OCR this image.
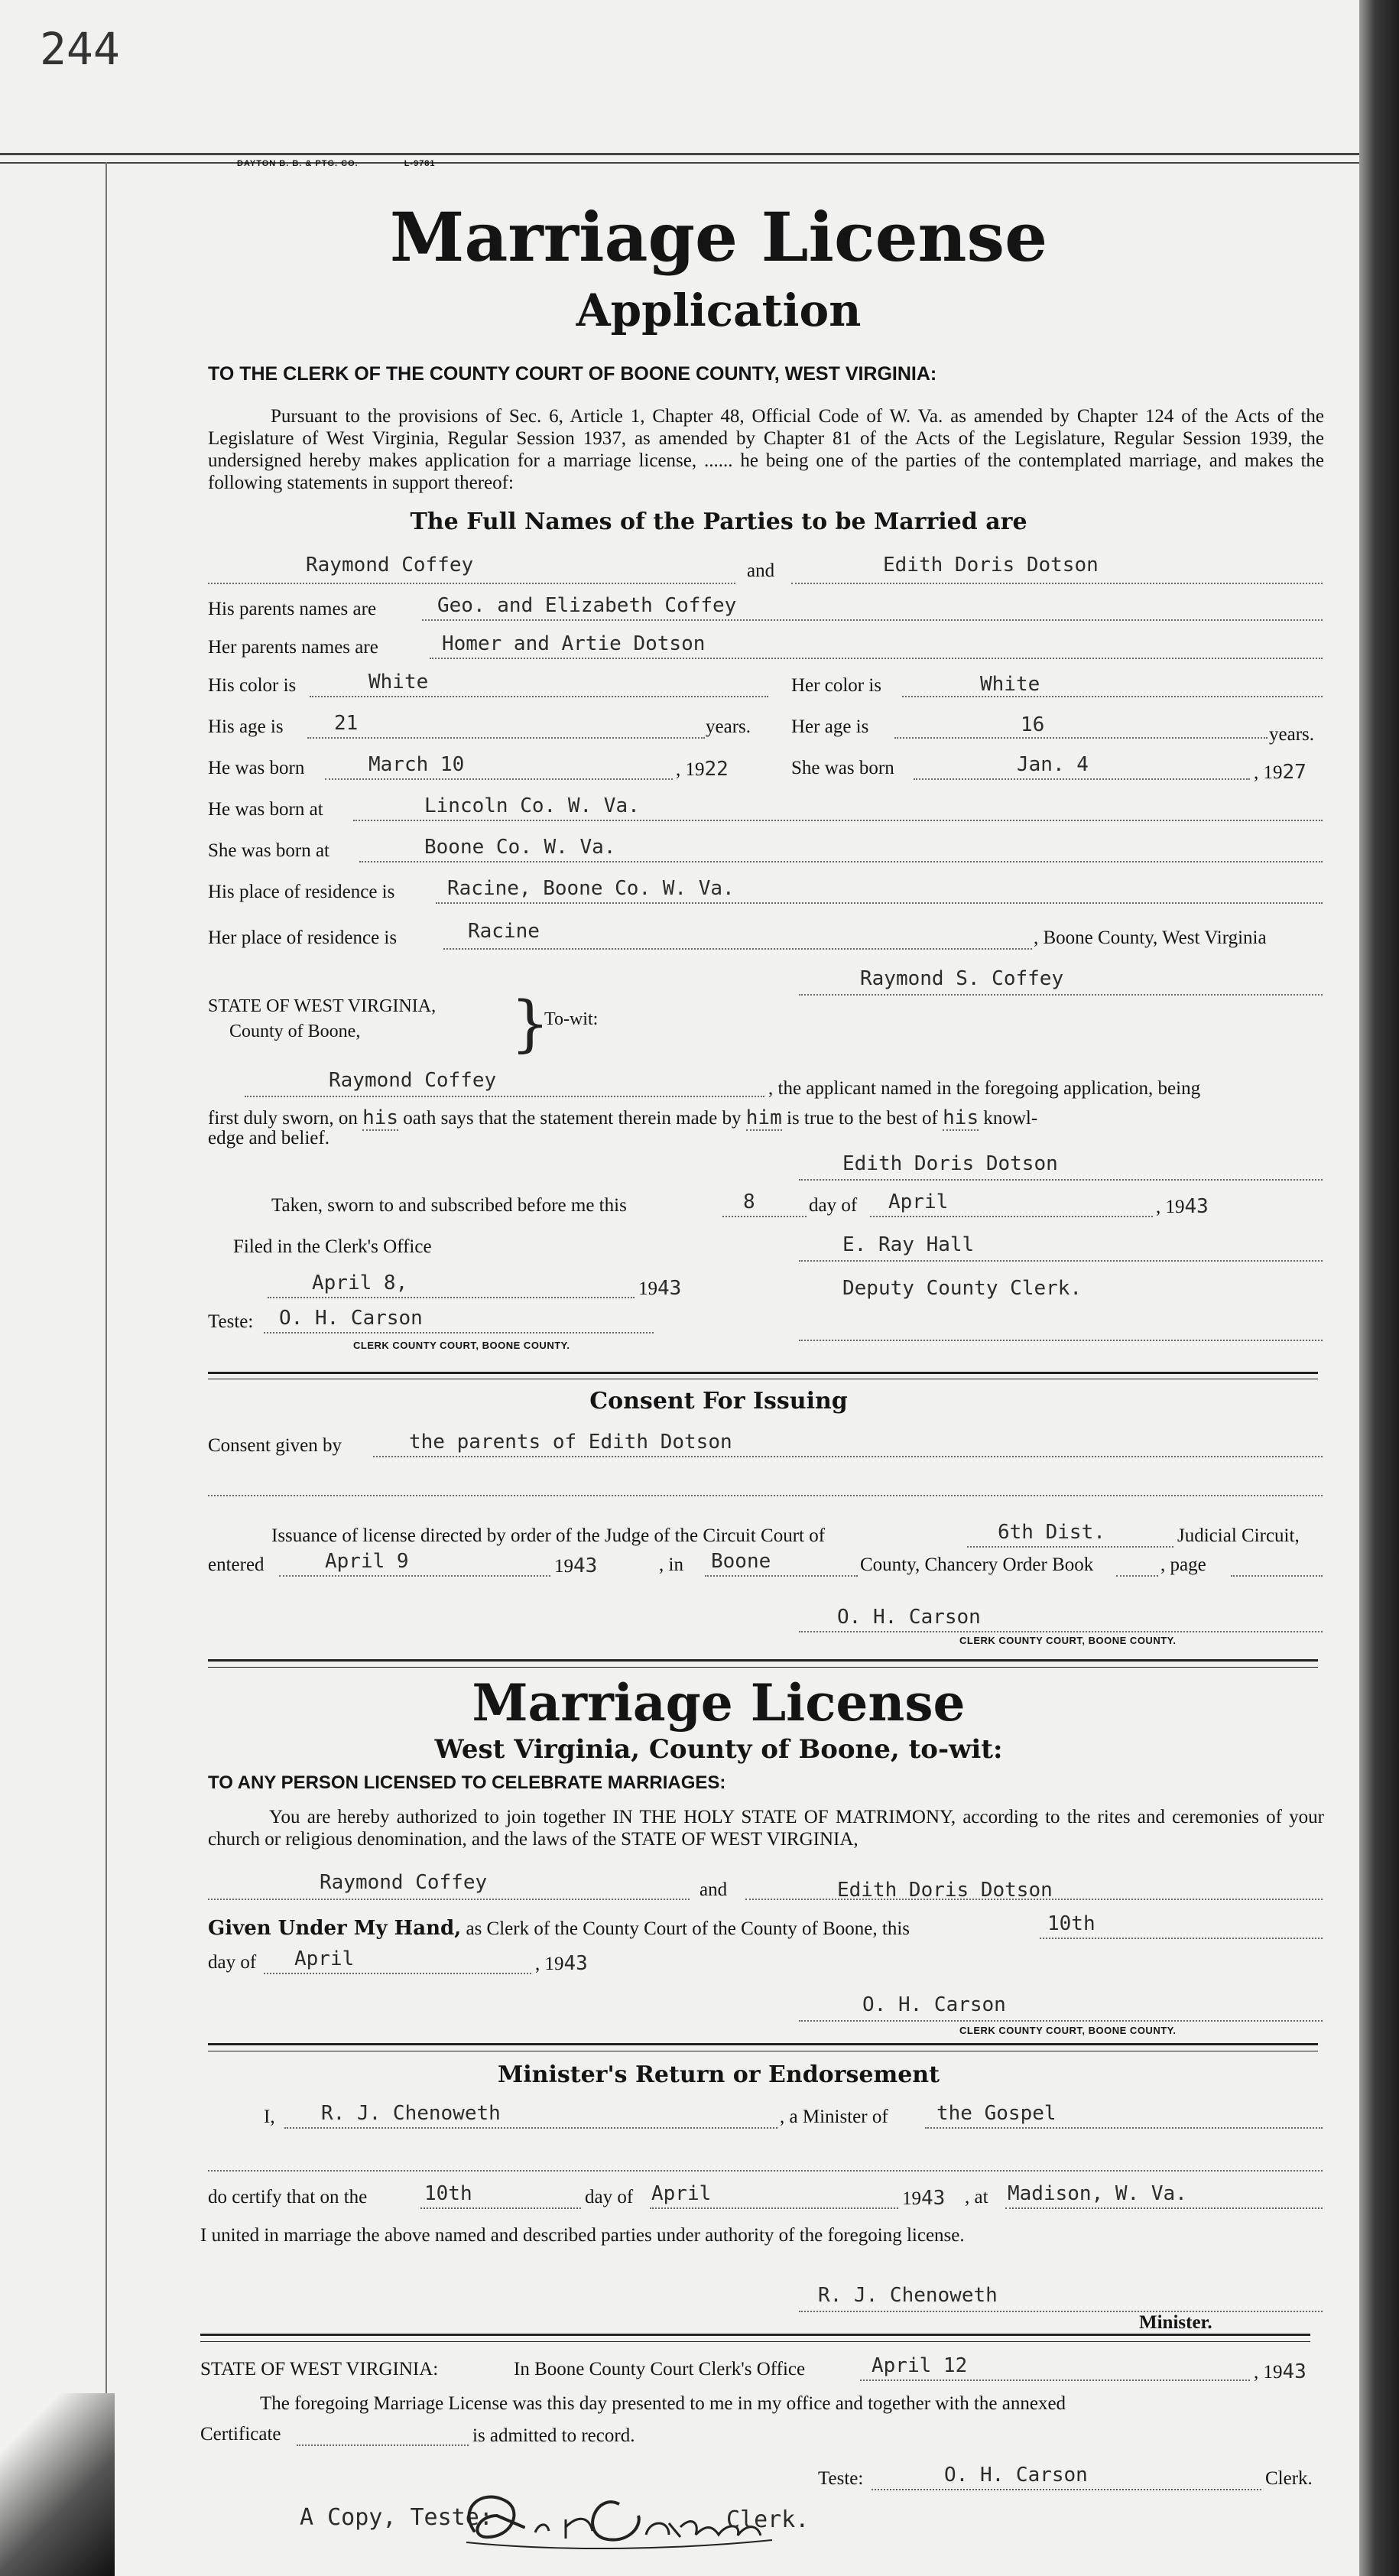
244
DAYTON B. B. & PTG. CO.	L-9781
Marriage License
Application
TO THE CLERK OF THE COUNTY COURT OF BOONE COUNTY, WEST VIRGINIA:
Pursuant to the provisions of Sec. 6, Article 1, Chapter 48, Official Code of W. Va. as amended by Chapter 124 of the Acts of the Legislature of West Virginia, Regular Session 1937, as amended by Chapter 81 of the Acts of the Legislature, Regular Session 1939, the undersigned hereby makes application for a marriage license, ...... he being one of the parties of the contemplated marriage, and makes the following statements in support thereof:
The Full Names of the Parties to be Married are
Raymond Coffey	and	Edith Doris Dotson
His parents names are	Geo. and Elizabeth Coffey
Her parents names are	Homer and Artie Dotson
His color is	White	Her color is	White
His age is	21	years. Her age is	16	years.
He was born	March 10	, 1922	She was born	Jan. 4	, 1927
He was born at	Lincoln Co. W. Va.
She was born at	Boone Co. W. Va.
His place of residence is	Racine, Boone Co. W. Va.
Her place of residence is	Racine	, Boone County, West Virginia
Raymond S. Coffey
STATE OF WEST VIRGINIA,
County of Boone, }
To-wit:
Raymond Coffey	, the applicant named in the foregoing application, being
first duly sworn, on his oath says that the statement therein made by him is true to the best of his knowl-
edge and belief.
Edith Doris Dotson
Taken, sworn to and subscribed before me this	8	day of April	, 1943
Filed in the Clerk's Office
April 8,	1943
E. Ray Hall
Deputy County Clerk.
Teste: O. H. Carson
CLERK COUNTY COURT, BOONE COUNTY.
Consent For Issuing
Consent given by	the parents of Edith Dotson
Issuance of license directed by order of the Judge of the Circuit Court of	6th Dist.	Judicial Circuit,
entered	April 9	1943	, in Boone	County, Chancery Order Book	, page
O. H. Carson
CLERK COUNTY COURT, BOONE COUNTY.
Marriage License
West Virginia, County of Boone, to-wit:
TO ANY PERSON LICENSED TO CELEBRATE MARRIAGES:
You are hereby authorized to join together IN THE HOLY STATE OF MATRIMONY, according to the rites and ceremonies of your church or religious denomination, and the laws of the STATE OF WEST VIRGINIA,
Raymond Coffey	and	Edith Doris Dotson
Given Under My Hand, as Clerk of the County Court of the County of Boone, this	10th
day of April	, 1943
O. H. Carson
CLERK COUNTY COURT, BOONE COUNTY.
Minister's Return or Endorsement
I, R. J. Chenoweth	, a Minister of the Gospel
do certify that on the	10th	day of April	1943 , at Madison, W. Va.
I united in marriage the above named and described parties under authority of the foregoing license.
R. J. Chenoweth
Minister.
STATE OF WEST VIRGINIA:	In Boone County Court Clerk's Office	April 12	, 1943
The foregoing Marriage License was this day presented to me in my office and together with the annexed
Certificate	is admitted to record.
Teste:	O. H. Carson	Clerk.
A Copy, Teste:	Clerk.
